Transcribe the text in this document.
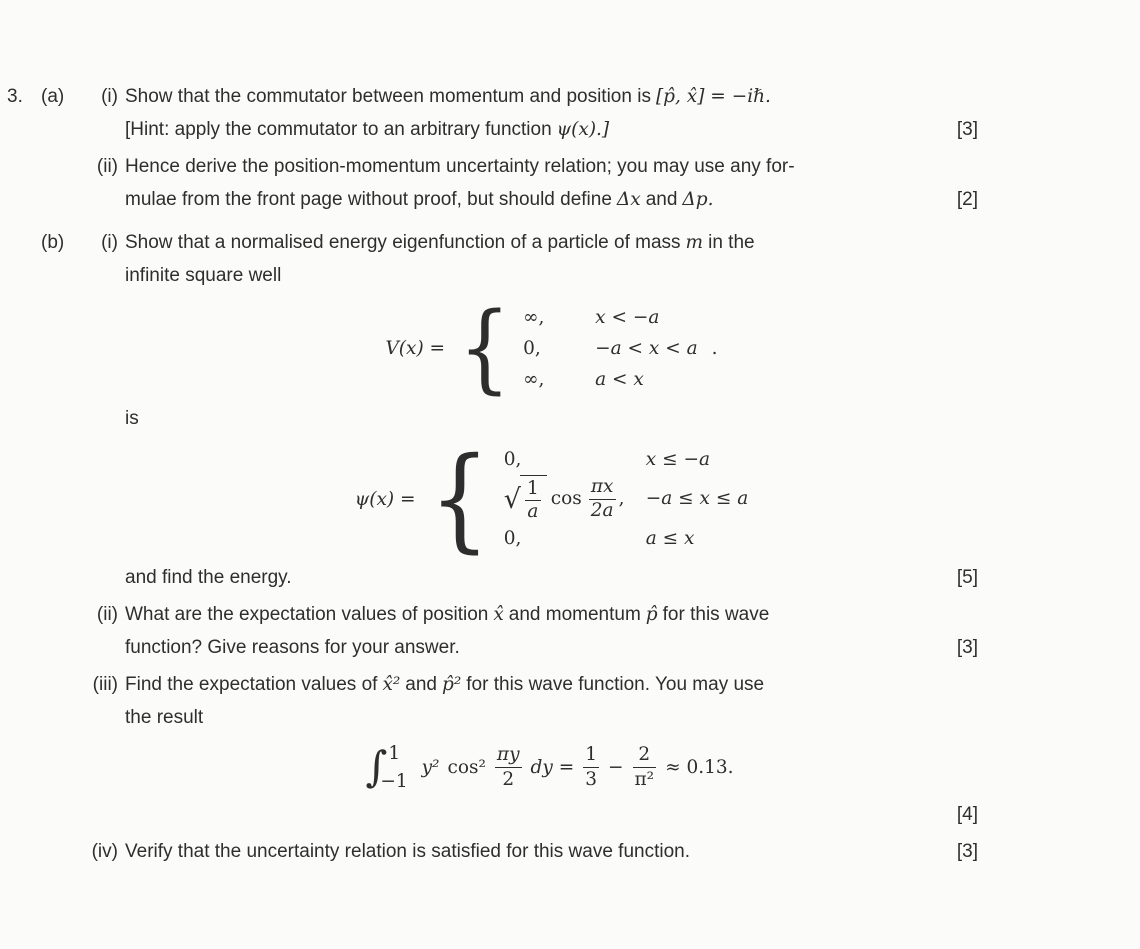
3. (a)	(i) Show that the commutator between momentum and position is [p̂, x̂] = −iℏ.
[Hint: apply the commutator to an arbitrary function ψ(x).]	[3]
(ii) Hence derive the position-momentum uncertainty relation; you may use any for-
mulae from the front page without proof, but should define Δx and Δp.	[2]
(b)	(i) Show that a normalised energy eigenfunction of a particle of mass m in the
infinite square well
V(x) = { ∞,	x < −a
0,	−a < x < a
∞,	a < x
.
is
ψ(x) = { 0,	x ≤ −a
√ $\frac{1}{a}$ $\cos \frac{\pi x}{2a}$ , −a ≤ x ≤ a
0,	a ≤ x
and find the energy.	[5]
(ii) What are the expectation values of position x̂ and momentum p̂ for this wave
function? Give reasons for your answer.	[3]
(iii) Find the expectation values of x̂² and p̂² for this wave function. You may use
the result
∫ 1
−1
y² $\cos^2 \frac{\pi y}{2}$ dy = $\frac{1}{3} - \frac{2}{\text{π²}} \approx 0.13$.
[4]
(iv) Verify that the uncertainty relation is satisfied for this wave function.	[3]
